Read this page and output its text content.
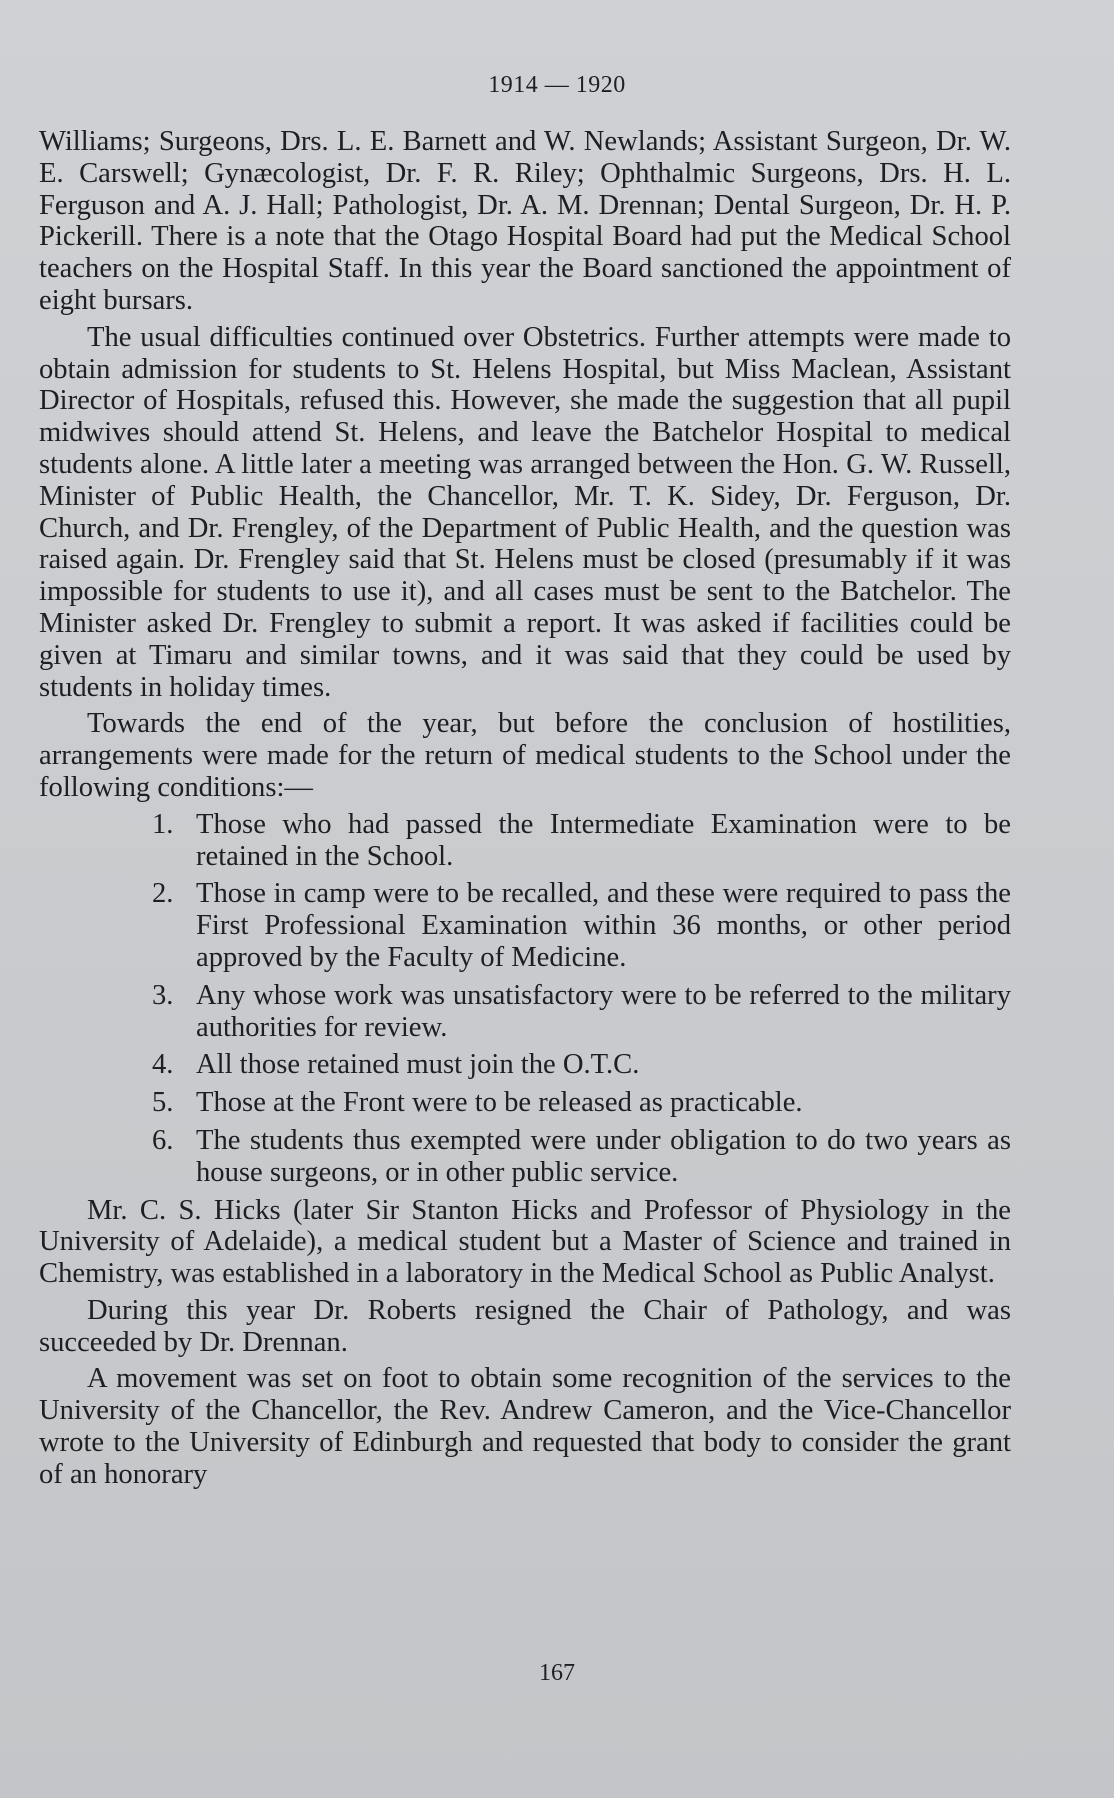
1914 — 1920

Williams; Surgeons, Drs. L. E. Barnett and W. Newlands; Assistant Surgeon, Dr. W. E. Carswell; Gynæcologist, Dr. F. R. Riley; Ophthalmic Surgeons, Drs. H. L. Ferguson and A. J. Hall; Pathologist, Dr. A. M. Drennan; Dental Surgeon, Dr. H. P. Pickerill. There is a note that the Otago Hospital Board had put the Medical School teachers on the Hospital Staff. In this year the Board sanctioned the appointment of eight bursars.

The usual difficulties continued over Obstetrics. Further attempts were made to obtain admission for students to St. Helens Hospital, but Miss Maclean, Assistant Director of Hospitals, refused this. However, she made the suggestion that all pupil midwives should attend St. Helens, and leave the Batchelor Hospital to medical students alone. A little later a meeting was arranged between the Hon. G. W. Russell, Minister of Public Health, the Chancellor, Mr. T. K. Sidey, Dr. Ferguson, Dr. Church, and Dr. Frengley, of the Department of Public Health, and the question was raised again. Dr. Frengley said that St. Helens must be closed (presumably if it was impossible for students to use it), and all cases must be sent to the Batchelor. The Minister asked Dr. Frengley to submit a report. It was asked if facilities could be given at Timaru and similar towns, and it was said that they could be used by students in holiday times.

Towards the end of the year, but before the conclusion of hostilities, arrangements were made for the return of medical students to the School under the following conditions:—

1. Those who had passed the Intermediate Examination were to be retained in the School.
2. Those in camp were to be recalled, and these were required to pass the First Professional Examination within 36 months, or other period approved by the Faculty of Medicine.
3. Any whose work was unsatisfactory were to be referred to the military authorities for review.
4. All those retained must join the O.T.C.
5. Those at the Front were to be released as practicable.
6. The students thus exempted were under obligation to do two years as house surgeons, or in other public service.

Mr. C. S. Hicks (later Sir Stanton Hicks and Professor of Physiology in the University of Adelaide), a medical student but a Master of Science and trained in Chemistry, was established in a laboratory in the Medical School as Public Analyst.

During this year Dr. Roberts resigned the Chair of Pathology, and was succeeded by Dr. Drennan.

A movement was set on foot to obtain some recognition of the services to the University of the Chancellor, the Rev. Andrew Cameron, and the Vice-Chancellor wrote to the University of Edinburgh and requested that body to consider the grant of an honorary

167
